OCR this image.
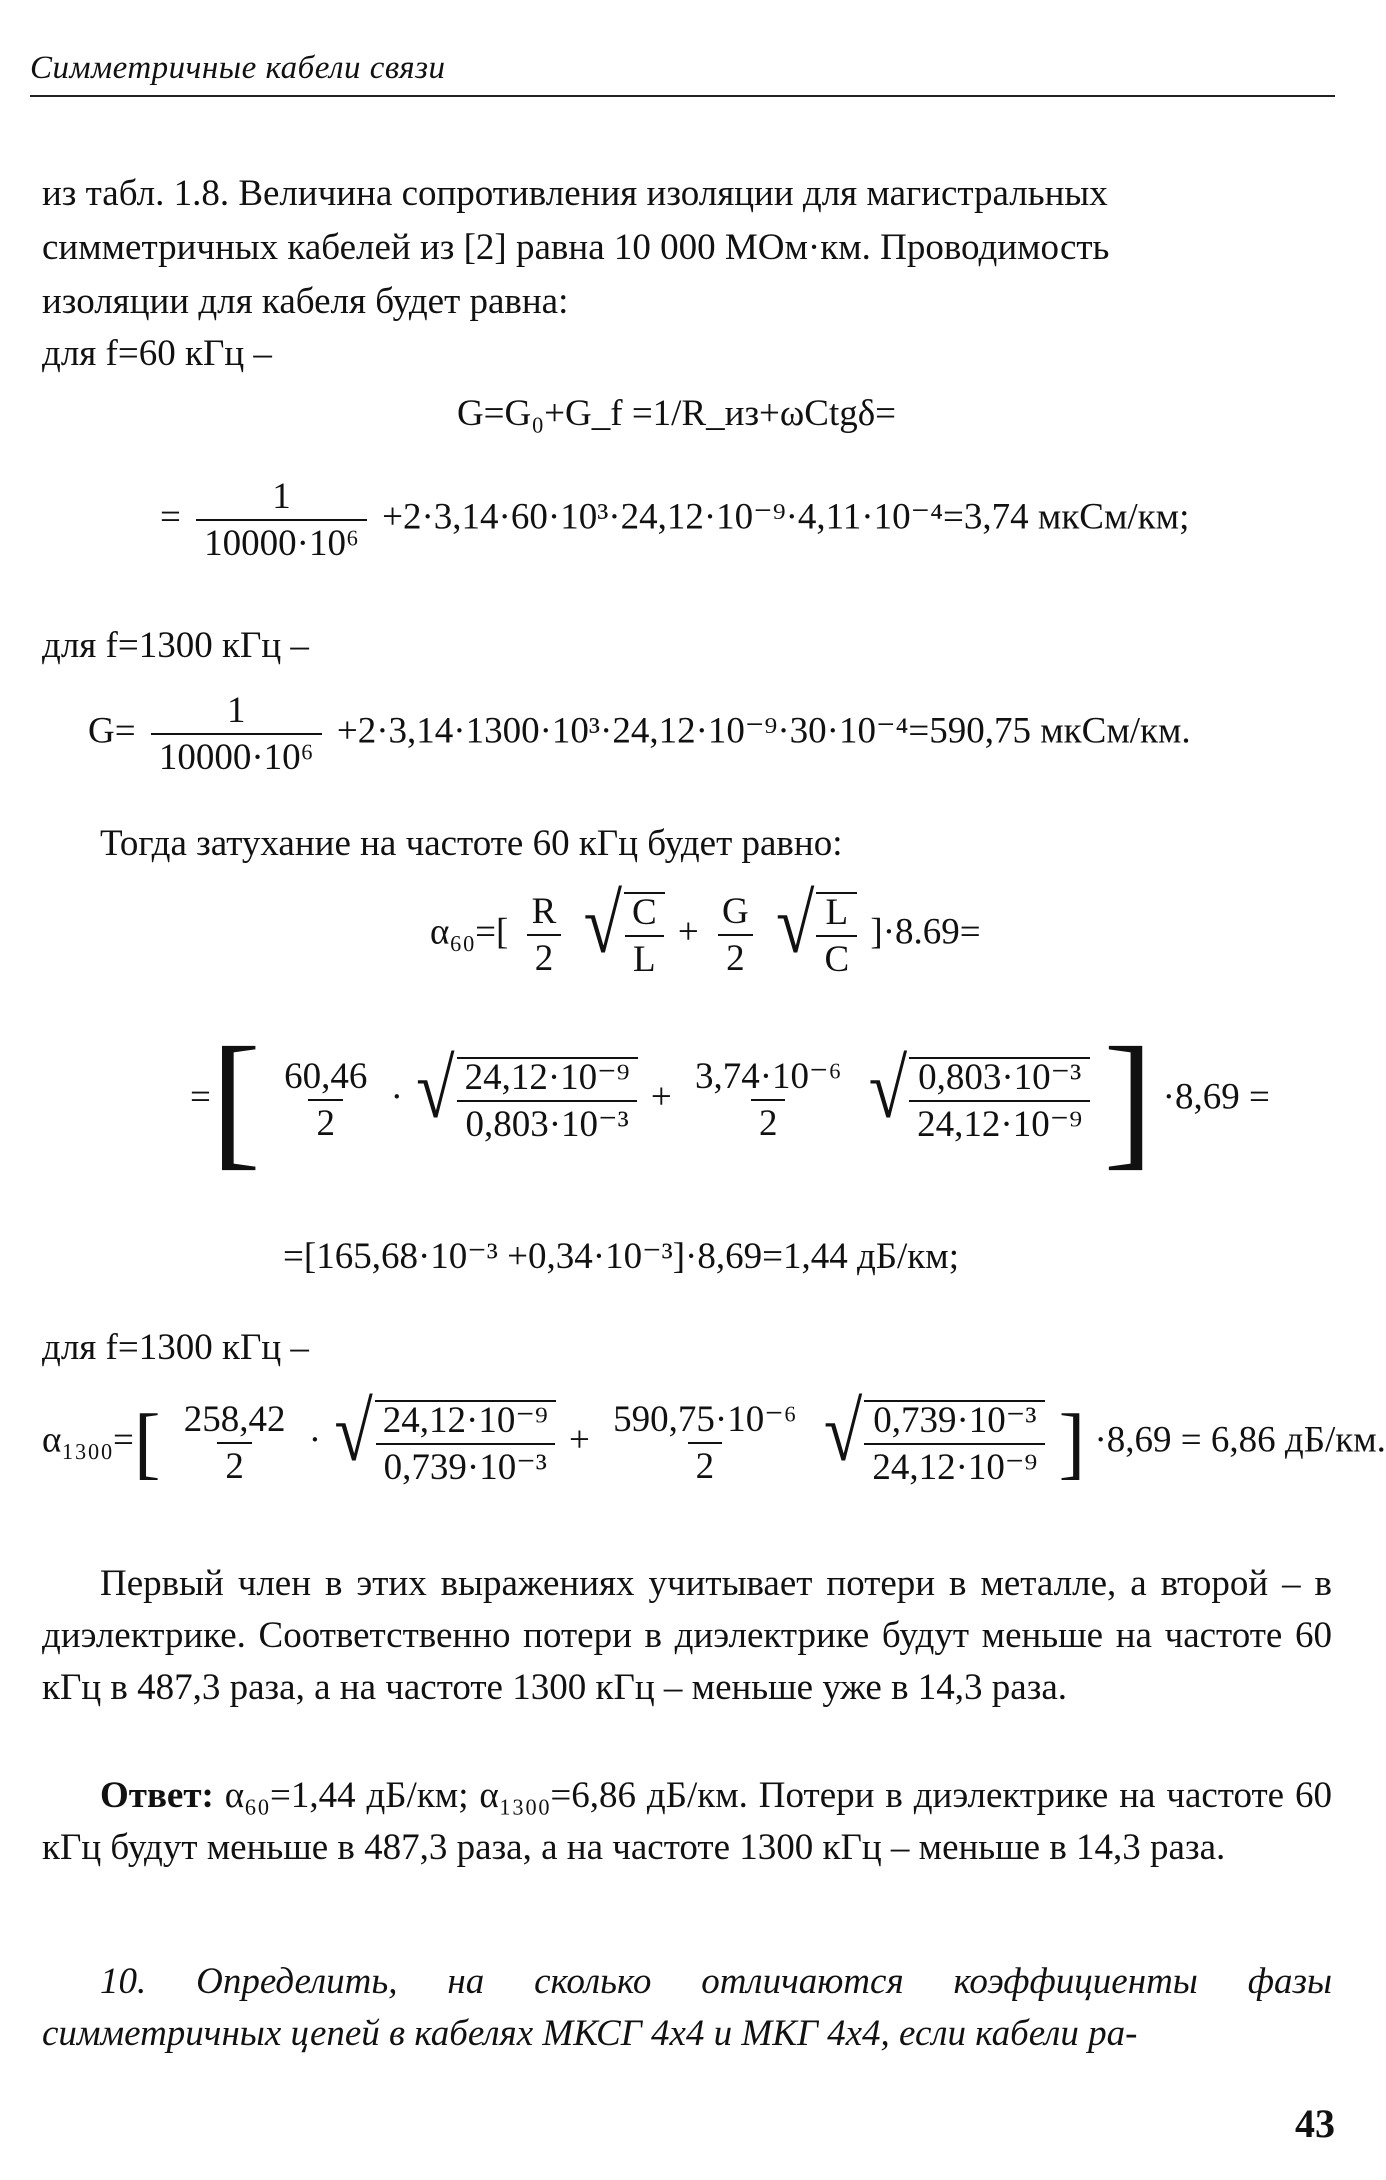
Симметричные кабели связи
из табл. 1.8. Величина сопротивления изоляции для магистральных
симметричных кабелей из [2] равна 10 000 МОм·км. Проводимость
изоляции для кабеля будет равна:
для f=60 кГц –
G=G₀+G_f =1/R_из+ωCtgδ=
= $\frac{1}{\text{10000·10⁶}} +2\cdot 3,14\cdot 60\cdot 10^3\cdot 24,12\cdot 10^{-9}\cdot 4,11\cdot 10^{-4}=3,74$ мкСм/км;
для f=1300 кГц –
$G= \frac{1}{\text{10000·10⁶}} +2\cdot 3,14\cdot 1300\cdot 10^3\cdot 24,12\cdot 10^{-9}\cdot 30\cdot 10^{-4}=590,75$ мкСм/км.
Тогда затухание на частоте 60 кГц будет равно:
$\alpha_{60}=[ \frac{R}{2}$
√ $\frac{C}{L} + \frac{G}{2}$
√ $\frac{L}{C} ]\cdot 8.69=$
=[ $\frac{60,46}{2}$ · √ $\frac{\text{24,12·10⁻⁹}}{\text{0,803·10⁻³}} + \frac{\text{3,74·10⁻⁶}}{2}$
√ $\frac{\text{0,803·10⁻³}}{\text{24,12·10⁻⁹}}$ ] ·8,69 =
=[165,68·10⁻³ +0,34·10⁻³]·8,69=1,44 дБ/км;
для f=1300 кГц –
$\alpha_{1300}=[ \frac{258,42}{2}$ · √ $\frac{\text{24,12·10⁻⁹}}{\text{0,739·10⁻³}} + \frac{\text{590,75·10⁻⁶}}{2}$
√ $\frac{\text{0,739·10⁻³}}{\text{24,12·10⁻⁹}}$ ] ·8,69 = 6,86 дБ/км.
Первый член в этих выражениях учитывает потери в металле, а второй – в диэлектрике. Соответственно потери в диэлектрике будут меньше на частоте 60 кГц в 487,3 раза, а на частоте 1300 кГц – меньше уже в 14,3 раза.
Ответ: α₆₀=1,44 дБ/км; α₁₃₀₀=6,86 дБ/км. Потери в диэлектрике на частоте 60 кГц будут меньше в 487,3 раза, а на частоте 1300 кГц – меньше в 14,3 раза.
10. Определить, на сколько отличаются коэффициенты фазы симметричных цепей в кабелях МКСГ 4х4 и МКГ 4х4, если кабели ра-
43
